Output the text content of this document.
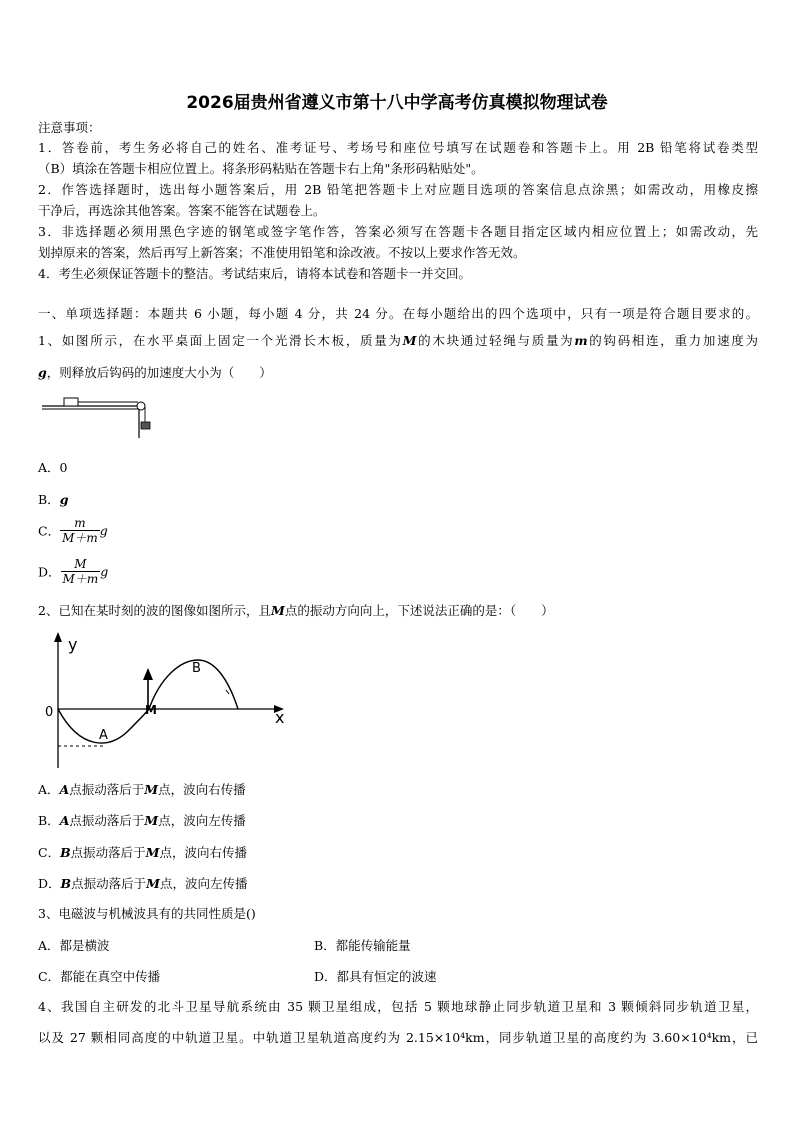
2026届贵州省遵义市第十八中学高考仿真模拟物理试卷
注意事项：
1．答卷前，考生务必将自己的姓名、准考证号、考场号和座位号填写在试题卷和答题卡上。用 2B 铅笔将试卷类型
（B）填涂在答题卡相应位置上。将条形码粘贴在答题卡右上角"条形码粘贴处"。
2．作答选择题时，选出每小题答案后，用 2B 铅笔把答题卡上对应题目选项的答案信息点涂黑；如需改动，用橡皮擦
干净后，再选涂其他答案。答案不能答在试题卷上。
3．非选择题必须用黑色字迹的钢笔或签字笔作答，答案必须写在答题卡各题目指定区域内相应位置上；如需改动，先
划掉原来的答案，然后再写上新答案；不准使用铅笔和涂改液。不按以上要求作答无效。
4．考生必须保证答题卡的整洁。考试结束后，请将本试卷和答题卡一并交回。
一、单项选择题：本题共 6 小题，每小题 4 分，共 24 分。在每小题给出的四个选项中，只有一项是符合题目要求的。
1、如图所示，在水平桌面上固定一个光滑长木板，质量为M的木块通过轻绳与质量为m的钩码相连，重力加速度为
g，则释放后钩码的加速度大小为（　　）
A．0
B．g
C． $\frac{m}{M+m}$ g
D． $\frac{M}{M+m}$ g
2、已知在某时刻的波的图像如图所示，且M点的振动方向向上，下述说法正确的是：（　　）
y
x
0
A
B
M
A．A点振动落后于M点，波向右传播
B．A点振动落后于M点，波向左传播
C．B点振动落后于M点，波向右传播
D．B点振动落后于M点，波向左传播
3、电磁波与机械波具有的共同性质是()
A．都是横波	B．都能传输能量
C．都能在真空中传播	D．都具有恒定的波速
4、我国自主研发的北斗卫星导航系统由 35 颗卫星组成，包括 5 颗地球静止同步轨道卫星和 3 颗倾斜同步轨道卫星，
以及 27 颗相同高度的中轨道卫星。中轨道卫星轨道高度约为 2.15×10⁴km，同步轨道卫星的高度约为 3.60×10⁴km，已
